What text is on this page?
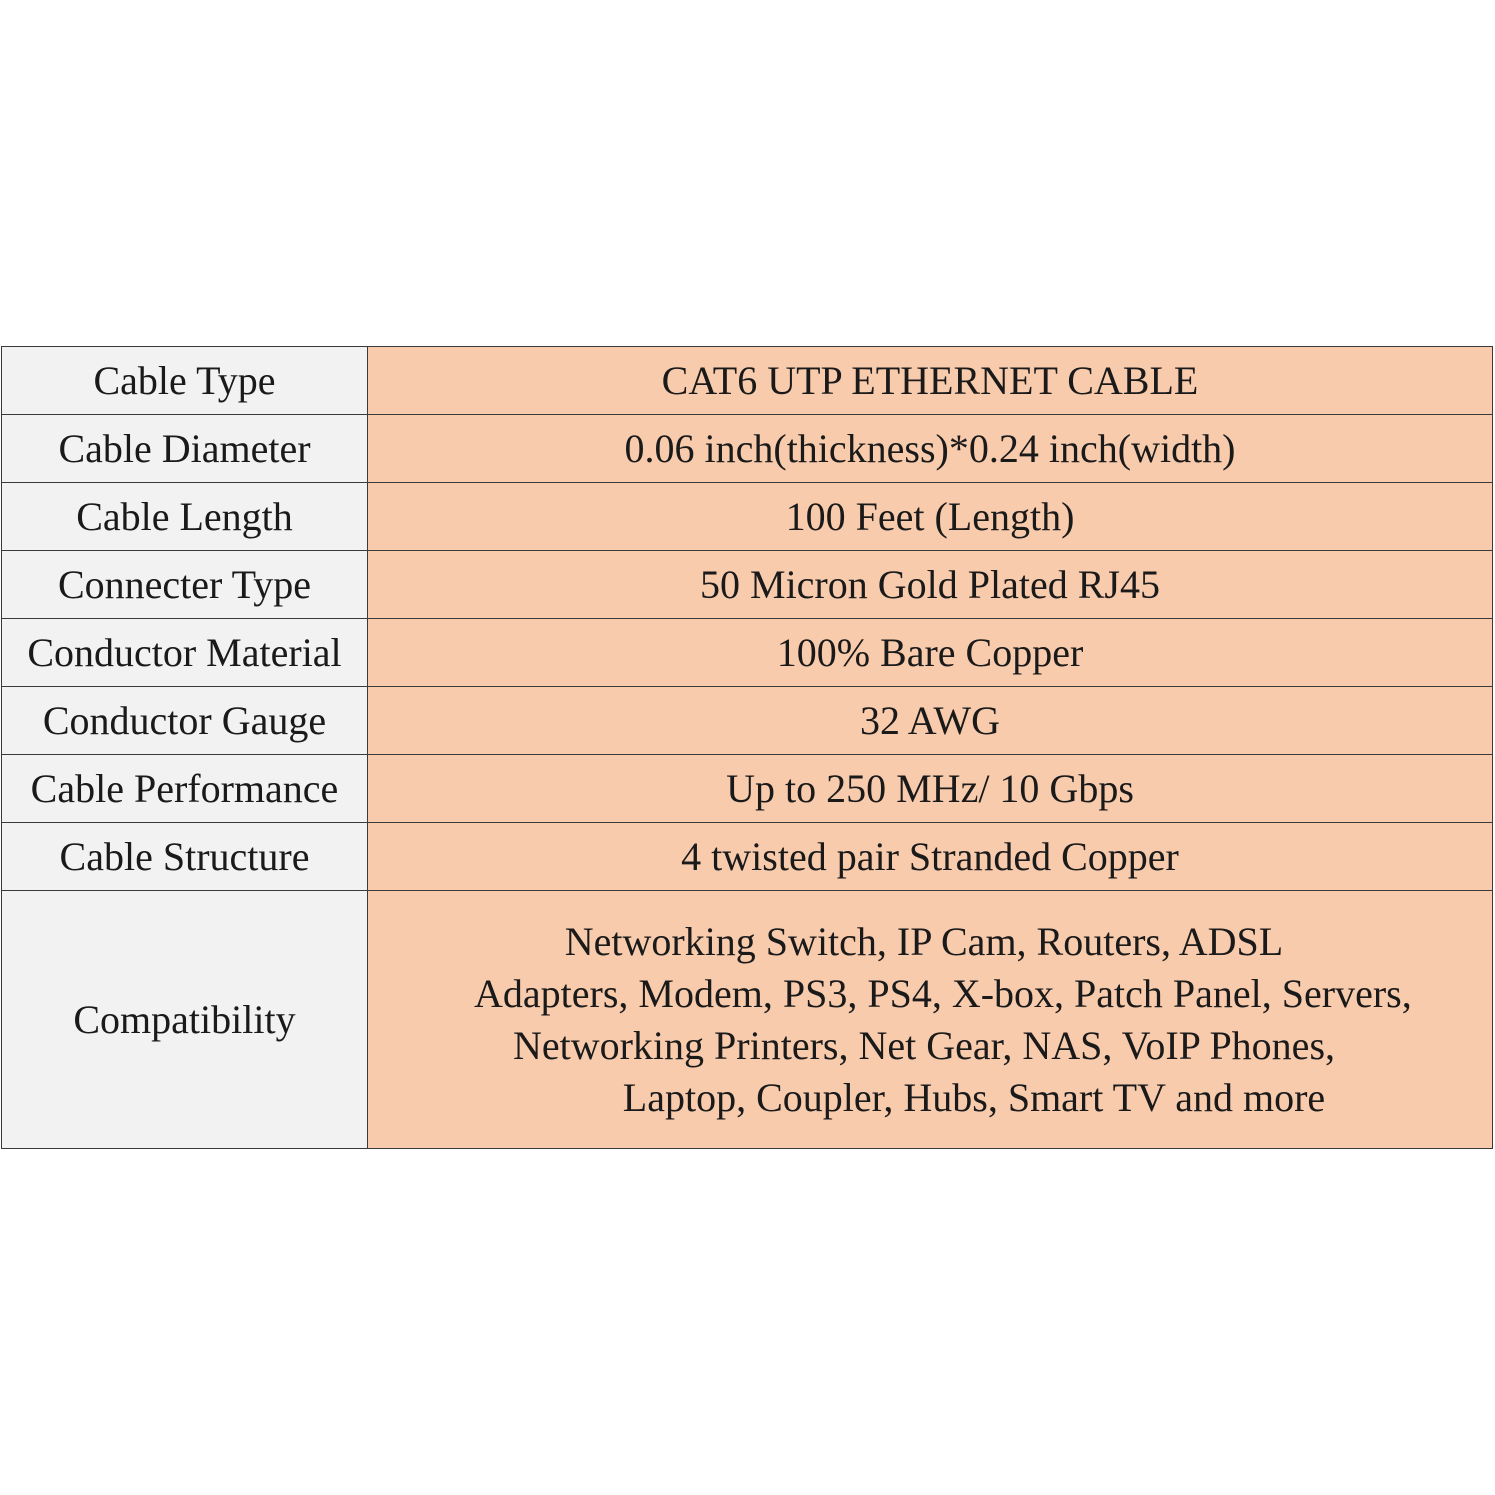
Cable Type	CAT6 UTP ETHERNET CABLE
Cable Diameter	0.06 inch(thickness)*0.24 inch(width)
Cable Length	100 Feet (Length)
Connecter Type	50 Micron Gold Plated RJ45
Conductor Material	100% Bare Copper
Conductor Gauge	32 AWG
Cable Performance	Up to 250 MHz/ 10 Gbps
Cable Structure	4 twisted pair Stranded Copper
Compatibility	Networking Switch, IP Cam, Routers, ADSL
Adapters, Modem, PS3, PS4, X-box, Patch Panel, Servers,
Networking Printers, Net Gear, NAS, VoIP Phones,
Laptop, Coupler, Hubs, Smart TV and more
